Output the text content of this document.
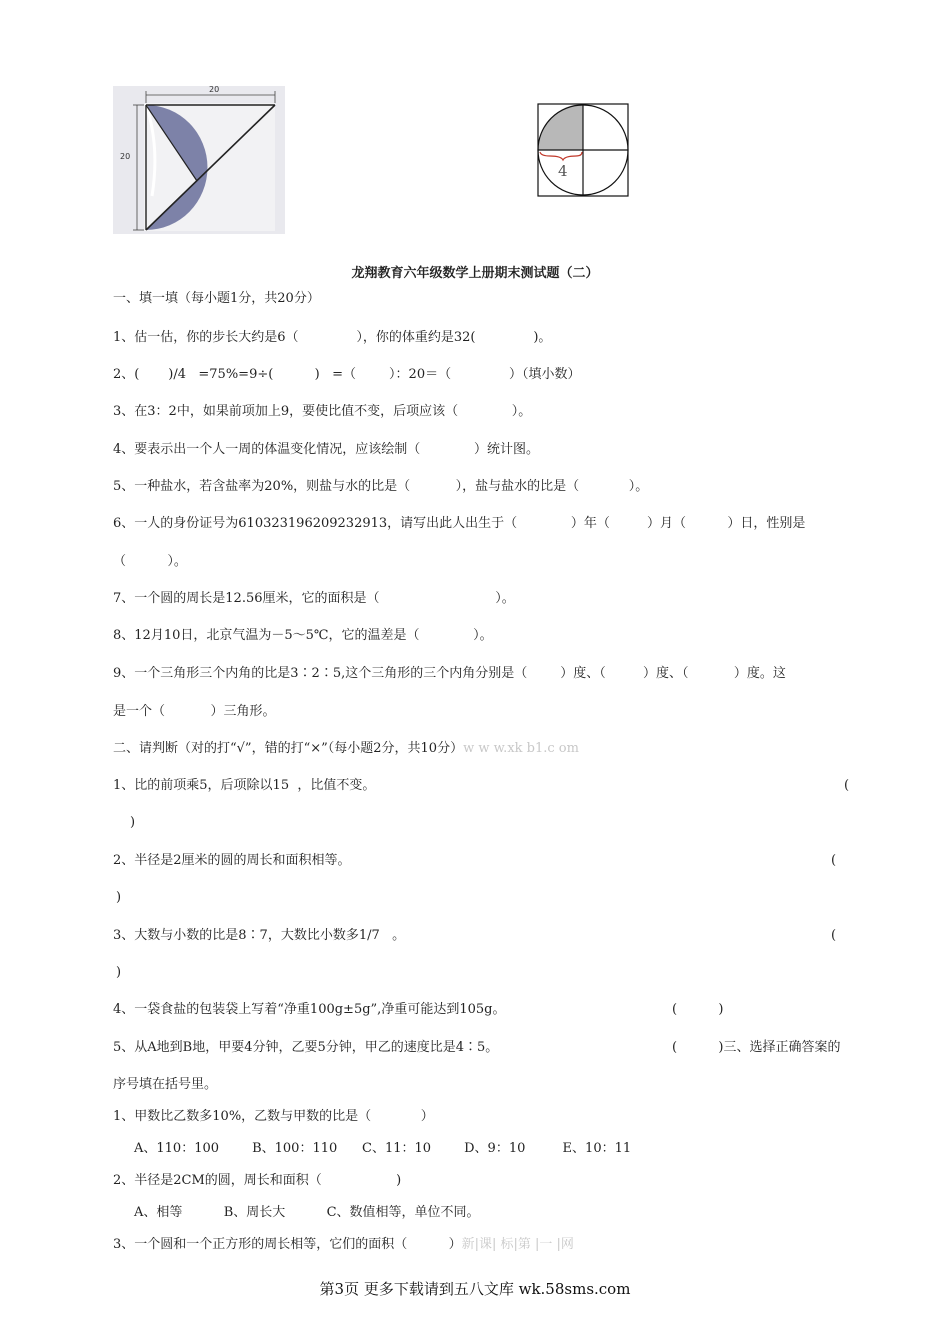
20
20
4
龙翔教育六年级数学上册期末测试题（二）
一、填一填（每小题1分，共20分）
1、估一估，你的步长大约是6（              ），你的体重约是32(              )。
2、(       )/4   =75%=9÷(          )   =（        ）：20＝（              ）（填小数）
3、在3：2中，如果前项加上9，要使比值不变，后项应该（             ）。
4、要表示出一个人一周的体温变化情况，应该绘制（             ）统计图。
5、一种盐水，若含盐率为20%，则盐与水的比是（           ），盐与盐水的比是（            ）。
6、一人的身份证号为610323196209232913，请写出此人出生于（             ）年（         ）月（          ）日，性别是
（          ）。
7、一个圆的周长是12.56厘米，它的面积是（                            ）。
8、12月10日，北京气温为－5～5℃，它的温差是（             ）。
9、一个三角形三个内角的比是3∶2∶5,这个三角形的三个内角分别是（        ）度、（         ）度、（           ）度。这
是一个（           ）三角形。
二、请判断（对的打“√”，错的打“×”（每小题2分，共10分）w w w.xk b1.c om
1、比的前项乘5，后项除以15  ，比值不变。	(
)
2、半径是2厘米的圆的周长和面积相等。	(
)
3、大数与小数的比是8∶7，大数比小数多1/7   。	(
)
4、一袋食盐的包装袋上写着“净重100g±5g”,净重可能达到105g。	(          )
5、从A地到B地，甲要4分钟，乙要5分钟，甲乙的速度比是4∶5。	(          )三、选择正确答案的
序号填在括号里。
1、甲数比乙数多10%，乙数与甲数的比是（            ）
A、110：100        B、100：110      C、11：10        D、9：10         E、10：11
2、半径是2CM的圆，周长和面积（                  )
A、相等          B、周长大          C、数值相等，单位不同。
3、一个圆和一个正方形的周长相等，它们的面积（          ）新|课| 标|第 |一 |网
第3页 更多下载请到五八文库 wk.58sms.com
